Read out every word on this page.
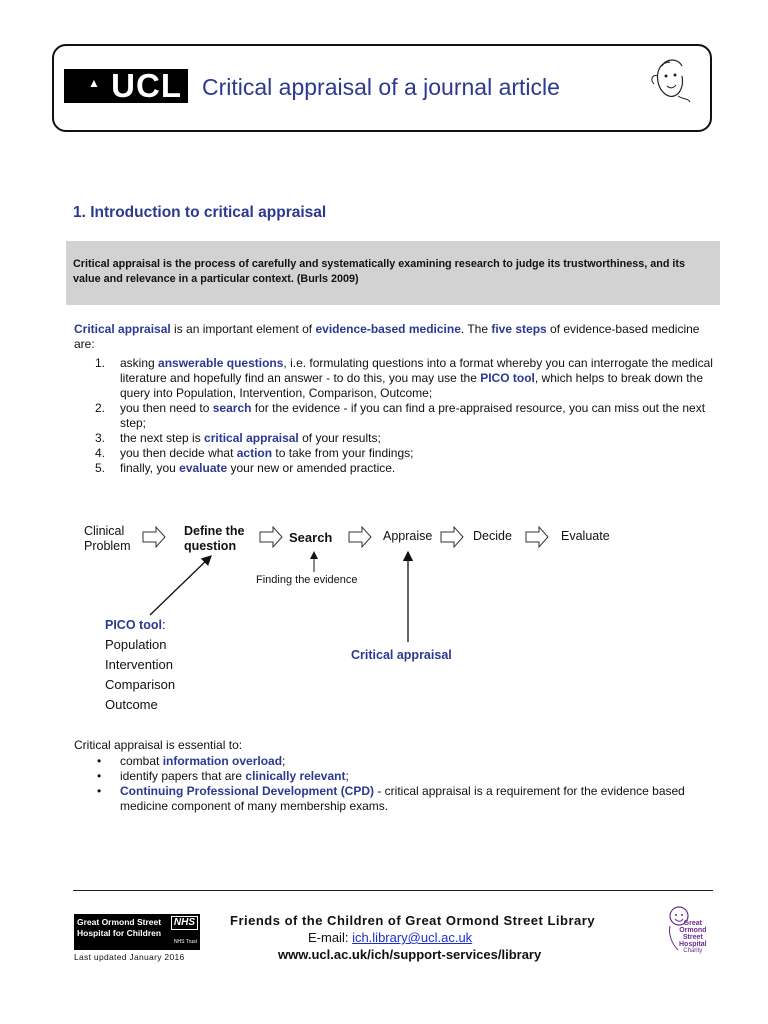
▲ UCL Critical appraisal of a journal article
1. Introduction to critical appraisal
Critical appraisal is the process of carefully and systematically examining research to judge its trustworthiness, and its value and relevance in a particular context. (Burls 2009)
Critical appraisal is an important element of evidence-based medicine. The five steps of evidence-based medicine are:
1. asking answerable questions, i.e. formulating questions into a format whereby you can interrogate the medical literature and hopefully find an answer - to do this, you may use the PICO tool, which helps to break down the query into Population, Intervention, Comparison, Outcome;
2. you then need to search for the evidence - if you can find a pre-appraised resource, you can miss out the next step;
3. the next step is critical appraisal of your results;
4. you then decide what action to take from your findings;
5. finally, you evaluate your new or amended practice.
Clinical
Problem
Define the
question
Search	Appraise	Decide	Evaluate
Finding the evidence
PICO tool:
Population
Intervention
Comparison
Outcome
Critical appraisal
Critical appraisal is essential to:
• combat information overload;
• identify papers that are clinically relevant;
• Continuing Professional Development (CPD) - critical appraisal is a requirement for the evidence based medicine component of many membership exams.
Great Ormond Street
Hospital for Children
NHS
NHS Trust
Last updated January 2016
Friends of the Children of Great Ormond Street Library
E-mail: ich.library@ucl.ac.uk
www.ucl.ac.uk/ich/support-services/library
Great
Ormond
Street
Hospital
Charity
